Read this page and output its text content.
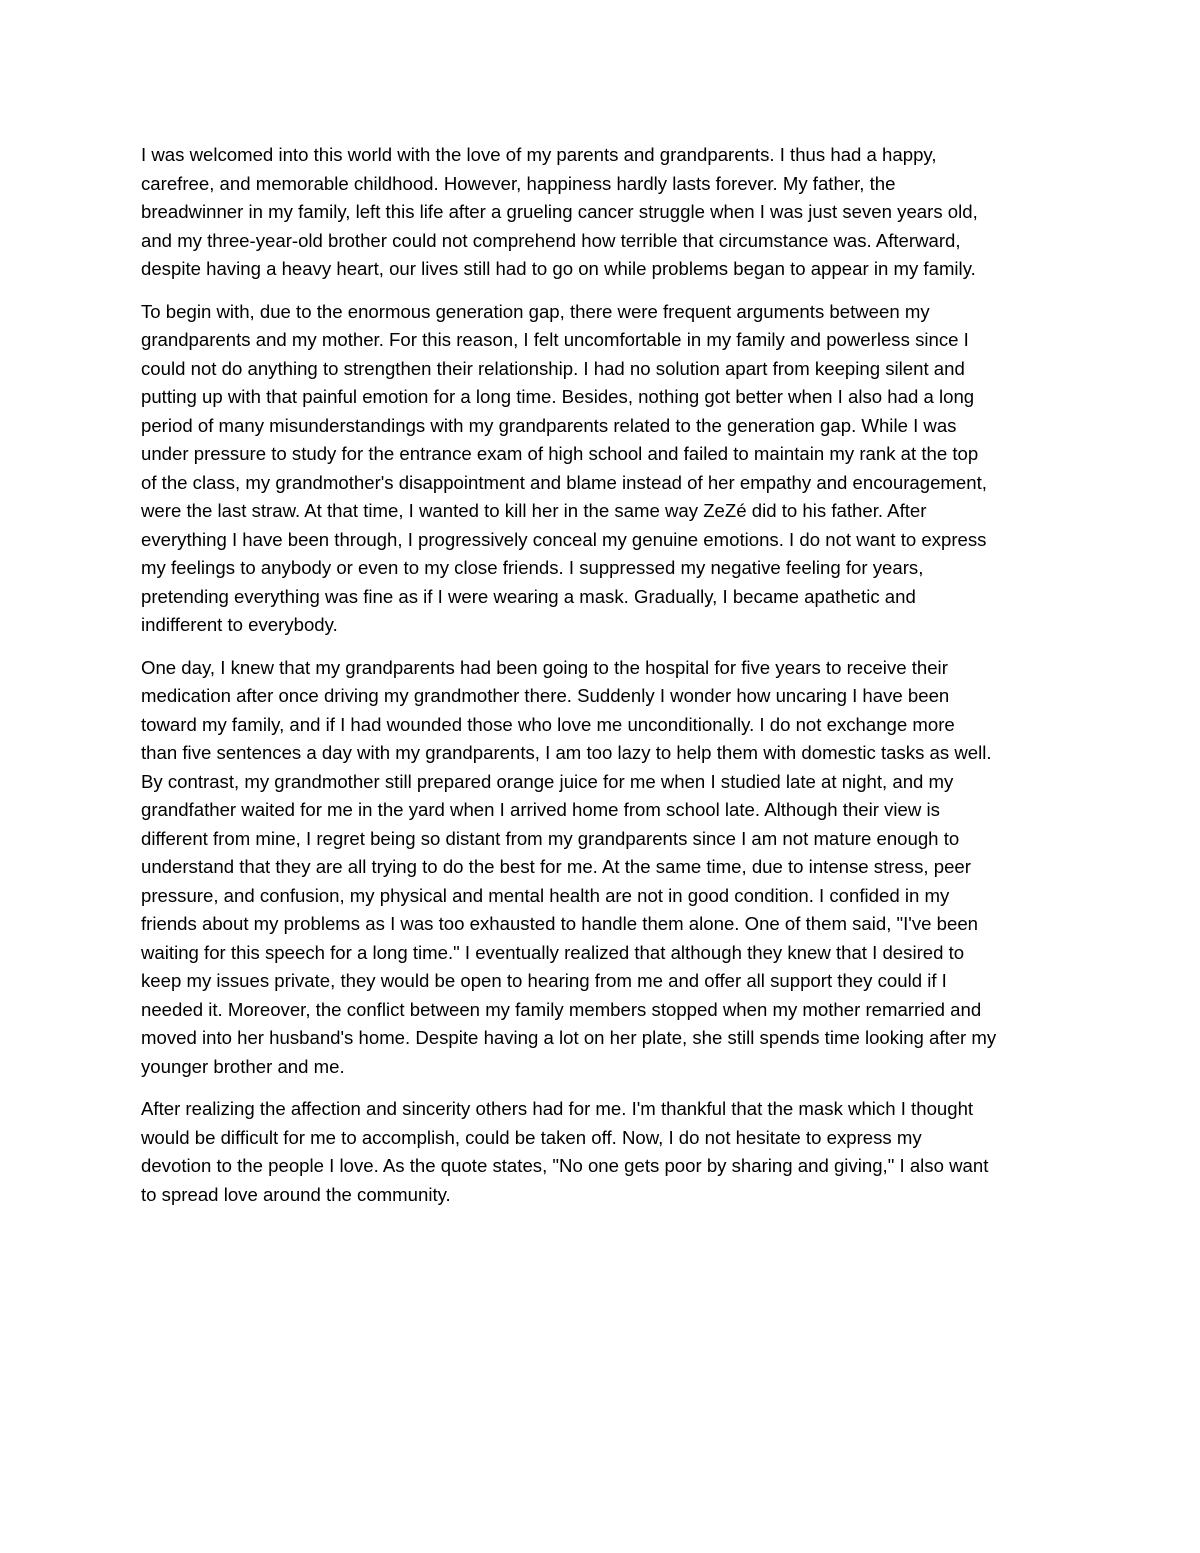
I was welcomed into this world with the love of my parents and grandparents. I thus had a happy,
carefree, and memorable childhood. However, happiness hardly lasts forever. My father, the
breadwinner in my family, left this life after a grueling cancer struggle when I was just seven years old,
and my three-year-old brother could not comprehend how terrible that circumstance was. Afterward,
despite having a heavy heart, our lives still had to go on while problems began to appear in my family.

To begin with, due to the enormous generation gap, there were frequent arguments between my
grandparents and my mother. For this reason, I felt uncomfortable in my family and powerless since I
could not do anything to strengthen their relationship. I had no solution apart from keeping silent and
putting up with that painful emotion for a long time. Besides, nothing got better when I also had a long
period of many misunderstandings with my grandparents related to the generation gap. While I was
under pressure to study for the entrance exam of high school and failed to maintain my rank at the top
of the class, my grandmother's disappointment and blame instead of her empathy and encouragement,
were the last straw. At that time, I wanted to kill her in the same way ZeZé did to his father. After
everything I have been through, I progressively conceal my genuine emotions. I do not want to express
my feelings to anybody or even to my close friends. I suppressed my negative feeling for years,
pretending everything was fine as if I were wearing a mask. Gradually, I became apathetic and
indifferent to everybody.

One day, I knew that my grandparents had been going to the hospital for five years to receive their
medication after once driving my grandmother there. Suddenly I wonder how uncaring I have been
toward my family, and if I had wounded those who love me unconditionally. I do not exchange more
than five sentences a day with my grandparents, I am too lazy to help them with domestic tasks as well.
By contrast, my grandmother still prepared orange juice for me when I studied late at night, and my
grandfather waited for me in the yard when I arrived home from school late. Although their view is
different from mine, I regret being so distant from my grandparents since I am not mature enough to
understand that they are all trying to do the best for me. At the same time, due to intense stress, peer
pressure, and confusion, my physical and mental health are not in good condition. I confided in my
friends about my problems as I was too exhausted to handle them alone. One of them said, "I've been
waiting for this speech for a long time." I eventually realized that although they knew that I desired to
keep my issues private, they would be open to hearing from me and offer all support they could if I
needed it. Moreover, the conflict between my family members stopped when my mother remarried and
moved into her husband's home. Despite having a lot on her plate, she still spends time looking after my
younger brother and me.

After realizing the affection and sincerity others had for me. I'm thankful that the mask which I thought
would be difficult for me to accomplish, could be taken off. Now, I do not hesitate to express my
devotion to the people I love. As the quote states, "No one gets poor by sharing and giving," I also want
to spread love around the community.
